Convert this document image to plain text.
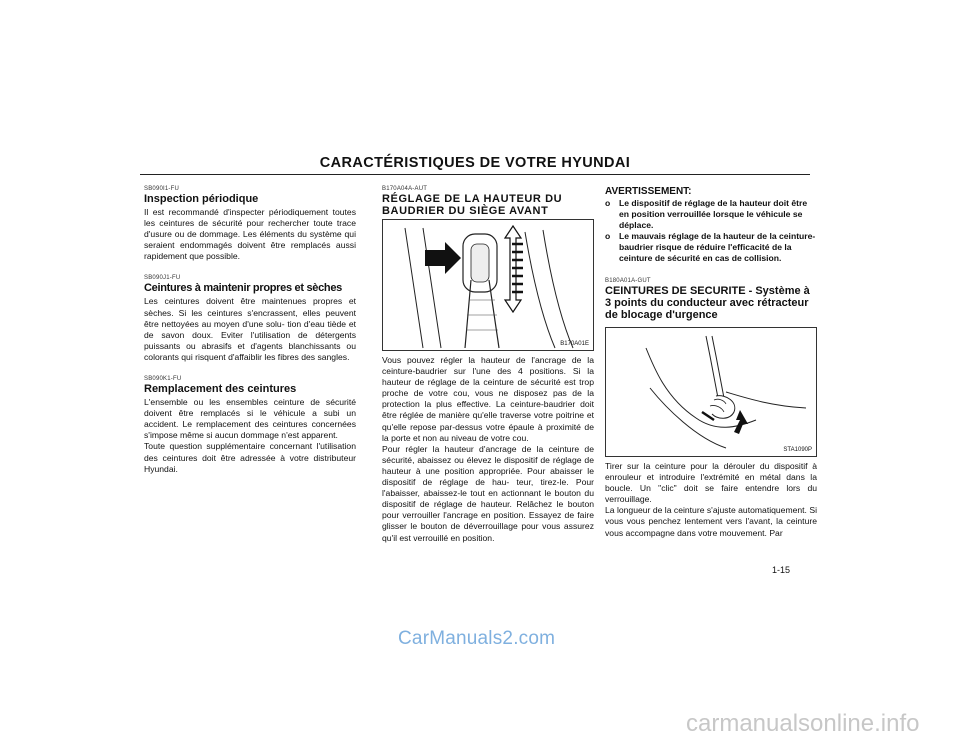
CARACTÉRISTIQUES DE VOTRE HYUNDAI
SB090I1-FU
Inspection périodique

Il est recommandé d'inspecter périodiquement toutes les ceintures de sécurité pour rechercher toute trace d'usure ou de dommage. Les éléments du système qui seraient endommagés doivent être remplacés aussi rapidement que possible.

SB090J1-FU
Ceintures à maintenir propres et sèches

Les ceintures doivent être maintenues propres et sèches. Si les ceintures s'encrassent, elles peuvent être nettoyées au moyen d'une solu- tion d'eau tiède et de savon doux. Eviter l'utilisation de détergents puissants ou abrasifs et d'agents blanchissants ou colorants qui risquent d'affaiblir les fibres des sangles.

SB090K1-FU
Remplacement des ceintures

L'ensemble ou les ensembles ceinture de sécurité doivent être remplacés si le véhicule a subi un accident. Le remplacement des ceintures concernées s'impose même si aucun dommage n'est apparent.

Toute question supplémentaire concernant l'utilisation des ceintures doit être adressée à votre distributeur Hyundai.

B170A04A-AUT
RÉGLAGE DE LA HAUTEUR DU BAUDRIER DU SIÈGE AVANT
B170A01E

Vous pouvez régler la hauteur de l'ancrage de la ceinture-baudrier sur l'une des 4 positions. Si la hauteur de réglage de la ceinture de sécurité est trop proche de votre cou, vous ne disposez pas de la protection la plus effective. La ceinture-baudrier doit être réglée de manière qu'elle traverse votre poitrine et qu'elle repose par-dessus votre épaule à proximité de la porte et non au niveau de votre cou.

Pour régler la hauteur d'ancrage de la ceinture de sécurité, abaissez ou élevez le dispositif de réglage de hauteur à une position appropriée. Pour abaisser le dispositif de réglage de hau- teur, tirez-le. Pour l'abaisser, abaissez-le tout en actionnant le bouton du dispositif de réglage de hauteur. Relâchez le bouton pour verrouiller l'ancrage en position. Essayez de faire glisser le bouton de déverrouillage pour vous assurez qu'il est verrouillé en position.

AVERTISSEMENT:
o Le dispositif de réglage de la hauteur doit être en position verrouillée lorsque le véhicule se déplace.
o Le mauvais réglage de la hauteur de la ceinture-baudrier risque de réduire l'efficacité de la ceinture de sécurité en cas de collision.
B180A01A-GUT
CEINTURES DE SECURITE - Système à 3 points du conducteur avec rétracteur de blocage d'urgence
STA1090P

Tirer sur la ceinture pour la dérouler du dispositif à enrouleur et introduire l'extrémité en métal dans la boucle. Un "clic" doit se faire entendre lors du verrouillage.

La longueur de la ceinture s'ajuste automatiquement. Si vous vous penchez lentement vers l'avant, la ceinture vous accompagne dans votre mouvement. Par

1-15
CarManuals2.com
carmanualsonline.info
